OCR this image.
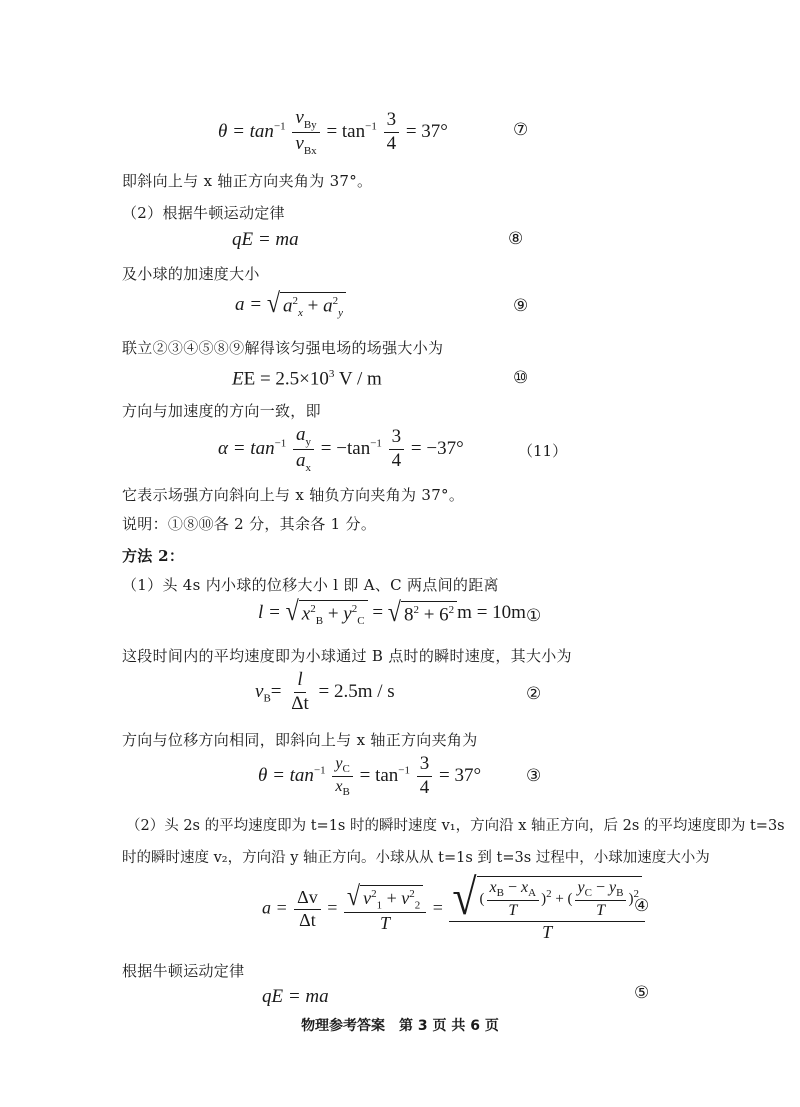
$\theta = \tan^{-1} \frac{v_{By}}{v_{Bx}} = \tan^{-1} \frac{3}{4} = 37^\circ$	⑦
即斜向上与 x 轴正方向夹角为 37°。
（2）根据牛顿运动定律
qE = ma	⑧
及小球的加速度大小
a = √ $a^2_x + a^2_y$	⑨
联立②③④⑤⑧⑨解得该匀强电场的场强大小为
EE = $2.5\times 10^3$ V / m	⑩
方向与加速度的方向一致，即
$\alpha = \tan^{-1} \frac{a_y}{a_x} = -\tan^{-1} \frac{3}{4} = -37^\circ$	（11）
它表示场强方向斜向上与 x 轴负方向夹角为 37°。
说明：①⑧⑩各 2 分，其余各 1 分。
方法 2：
（1）头 4s 内小球的位移大小 l 即 A、C 两点间的距离
l = √ $x^2_B + y^2_C$ = √ $8^2 + 6^2$ m = 10m ①
这段时间内的平均速度即为小球通过 B 点时的瞬时速度，其大小为
$v_B= \frac{l}{\Delta t} = 2.5m / s$	②
方向与位移方向相同，即斜向上与 x 轴正方向夹角为
$\theta = \tan^{-1} \frac{y_C}{x_B} = \tan^{-1} \frac{3}{4} = 37^\circ$	③
（2）头 2s 的平均速度即为 t=1s 时的瞬时速度 v₁，方向沿 x 轴正方向，后 2s 的平均速度即为 t=3s
时的瞬时速度 v₂，方向沿 y 轴正方向。小球从从 t=1s 到 t=3s 过程中，小球加速度大小为
$a = \frac{\Delta v}{\Delta t} = \frac{√ v^2_1 + v^2_2}{T} = \frac{√ ( \frac{x_B - x_A}{T} )^2 + ( \frac{y_C - y_B}{T} )^2}{T}$
④
根据牛顿运动定律
qE = ma	⑤
物理参考答案　第 3 页 共 6 页
